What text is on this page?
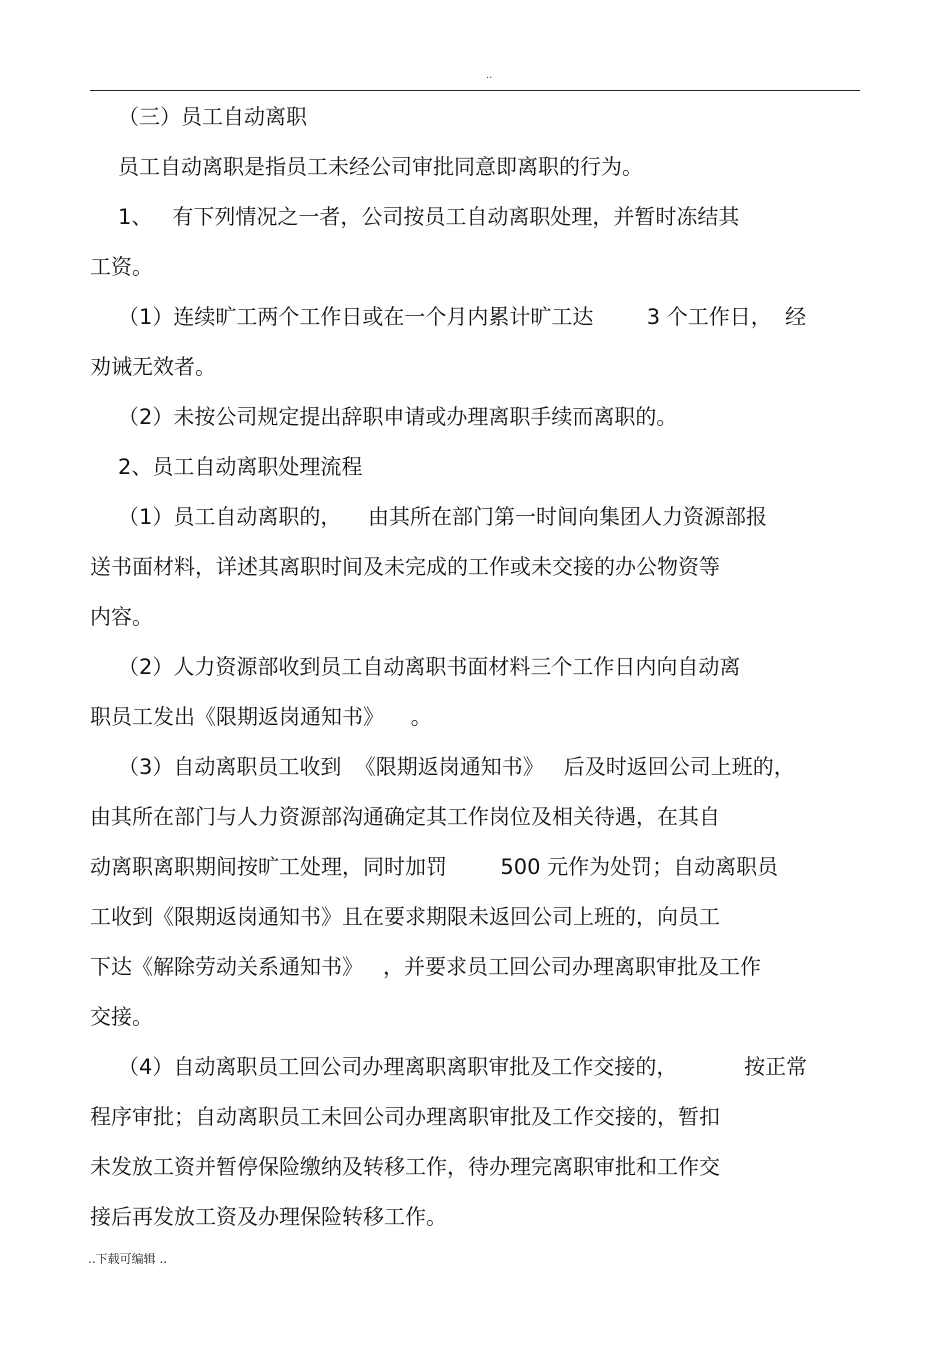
..

（三）员工自动离职

员工自动离职是指员工未经公司审批同意即离职的行为。

1、   有下列情况之一者，公司按员工自动离职处理，并暂时冻结其

工资。

（1）连续旷工两个工作日或在一个月内累计旷工达        3 个工作日，  经

劝诫无效者。

（2）未按公司规定提出辞职申请或办理离职手续而离职的。

2、员工自动离职处理流程

（1）员工自动离职的，    由其所在部门第一时间向集团人力资源部报

送书面材料，详述其离职时间及未完成的工作或未交接的办公物资等

内容。

（2）人力资源部收到员工自动离职书面材料三个工作日内向自动离

职员工发出《限期返岗通知书》    。

（3）自动离职员工收到  《限期返岗通知书》   后及时返回公司上班的，

由其所在部门与人力资源部沟通确定其工作岗位及相关待遇，在其自

动离职离职期间按旷工处理，同时加罚        500 元作为处罚；自动离职员

工收到《限期返岗通知书》且在要求期限未返回公司上班的，向员工

下达《解除劳动关系通知书》   ，并要求员工回公司办理离职审批及工作

交接。

（4）自动离职员工回公司办理离职离职审批及工作交接的，          按正常

程序审批；自动离职员工未回公司办理离职审批及工作交接的，暂扣

未发放工资并暂停保险缴纳及转移工作，待办理完离职审批和工作交

接后再发放工资及办理保险转移工作。

..下载可编辑 ..
